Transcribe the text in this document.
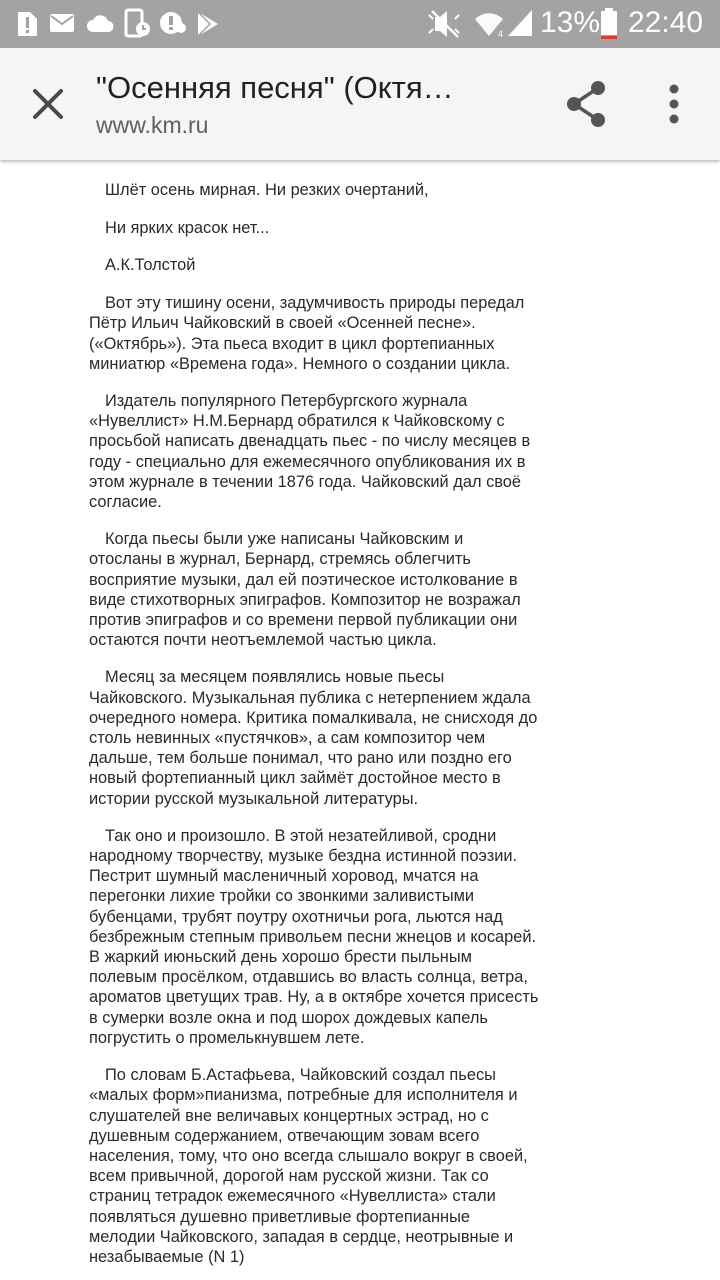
4 13% 22:40
"Осенняя песня" (Октя…
www.km.ru

Шлёт осень мирная. Ни резких очертаний,

Ни ярких красок нет...

А.К.Толстой

Вот эту тишину осени, задумчивость природы передал Пётр Ильич Чайковский в своей «Осенней песне». («Октябрь»). Эта пьеса входит в цикл фортепианных миниатюр «Времена года». Немного о создании цикла.

Издатель популярного Петербургского журнала «Нувеллист» Н.М.Бернард обратился к Чайковскому с просьбой написать двенадцать пьес - по числу месяцев в году - специально для ежемесячного опубликования их в этом журнале в течении 1876 года. Чайковский дал своё согласие.

Когда пьесы были уже написаны Чайковским и отосланы в журнал, Бернард, стремясь облегчить восприятие музыки, дал ей поэтическое истолкование в виде стихотворных эпиграфов. Композитор не возражал против эпиграфов и со времени первой публикации они остаются почти неотъемлемой частью цикла.

Месяц за месяцем появлялись новые пьесы Чайковского. Музыкальная публика с нетерпением ждала очередного номера. Критика помалкивала, не снисходя до столь невинных «пустячков», а сам композитор чем дальше, тем больше понимал, что рано или поздно его новый фортепианный цикл займёт достойное место в истории русской музыкальной литературы.

Так оно и произошло. В этой незатейливой, сродни народному творчеству, музыке бездна истинной поэзии. Пестрит шумный масленичный хоровод, мчатся на перегонки лихие тройки со звонкими заливистыми бубенцами, трубят поутру охотничьи рога, льются над безбрежным степным привольем песни жнецов и косарей. В жаркий июньский день хорошо брести пыльным полевым просёлком, отдавшись во власть солнца, ветра, ароматов цветущих трав. Ну, а в октябре хочется присесть в сумерки возле окна и под шорох дождевых капель погрустить о промелькнувшем лете.

По словам Б.Астафьева, Чайковский создал пьесы «малых форм»пианизма, потребные для исполнителя и слушателей вне величавых концертных эстрад, но с душевным содержанием, отвечающим зовам всего населения, тому, что оно всегда слышало вокруг в своей, всем привычной, дорогой нам русской жизни. Так со страниц тетрадок ежемесячного «Нувеллиста» стали появляться душевно приветливые фортепианные мелодии Чайковского, западая в сердце, неотрывные и незабываемые (N 1)
